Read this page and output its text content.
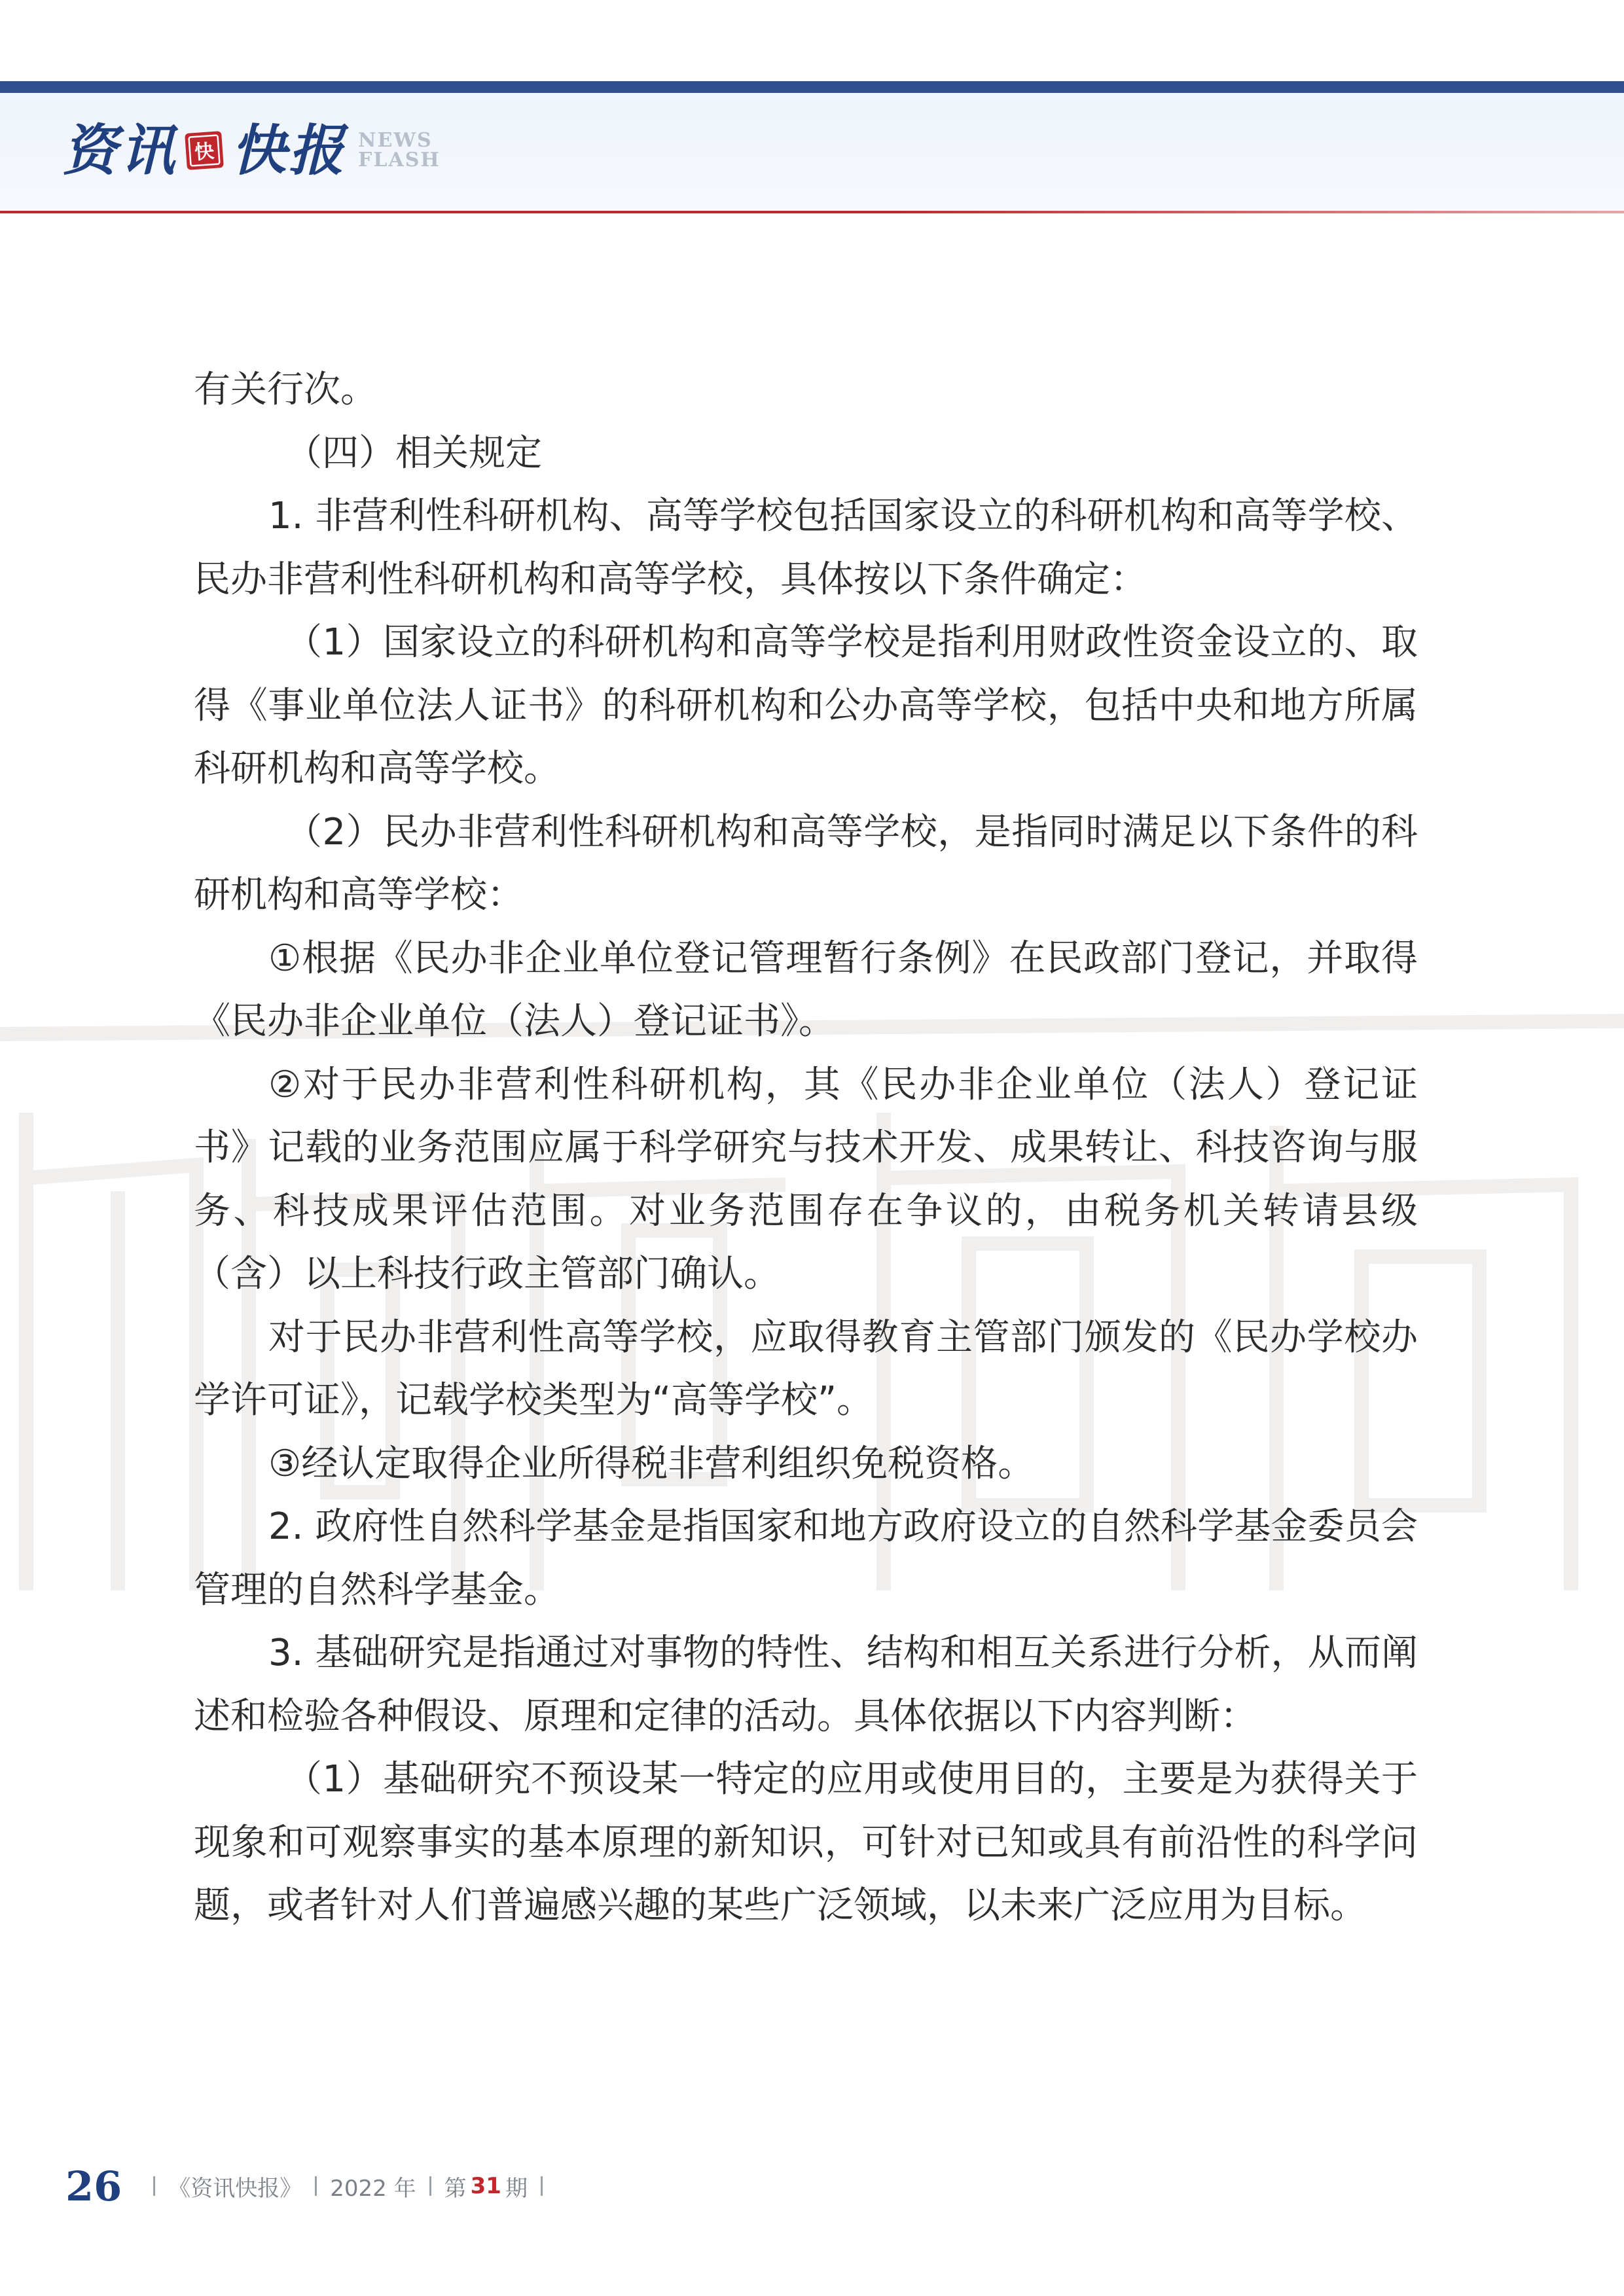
资讯 快 快报 NEWS
FLASH

有关行次。

（四）相关规定

1. 非营利性科研机构、高等学校包括国家设立的科研机构和高等学校、民办非营利性科研机构和高等学校，具体按以下条件确定：

（1）国家设立的科研机构和高等学校是指利用财政性资金设立的、取得《事业单位法人证书》的科研机构和公办高等学校，包括中央和地方所属科研机构和高等学校。

（2）民办非营利性科研机构和高等学校，是指同时满足以下条件的科研机构和高等学校：

①根据《民办非企业单位登记管理暂行条例》在民政部门登记，并取得《民办非企业单位（法人）登记证书》。

②对于民办非营利性科研机构，其《民办非企业单位（法人）登记证书》记载的业务范围应属于科学研究与技术开发、成果转让、科技咨询与服务、科技成果评估范围。对业务范围存在争议的，由税务机关转请县级（含）以上科技行政主管部门确认。

对于民办非营利性高等学校，应取得教育主管部门颁发的《民办学校办学许可证》，记载学校类型为“高等学校”。

③经认定取得企业所得税非营利组织免税资格。

2. 政府性自然科学基金是指国家和地方政府设立的自然科学基金委员会管理的自然科学基金。

3. 基础研究是指通过对事物的特性、结构和相互关系进行分析，从而阐述和检验各种假设、原理和定律的活动。具体依据以下内容判断：

（1）基础研究不预设某一特定的应用或使用目的，主要是为获得关于现象和可观察事实的基本原理的新知识，可针对已知或具有前沿性的科学问题，或者针对人们普遍感兴趣的某些广泛领域，以未来广泛应用为目标。

26 《资讯快报》 2022 年 第 31 期
